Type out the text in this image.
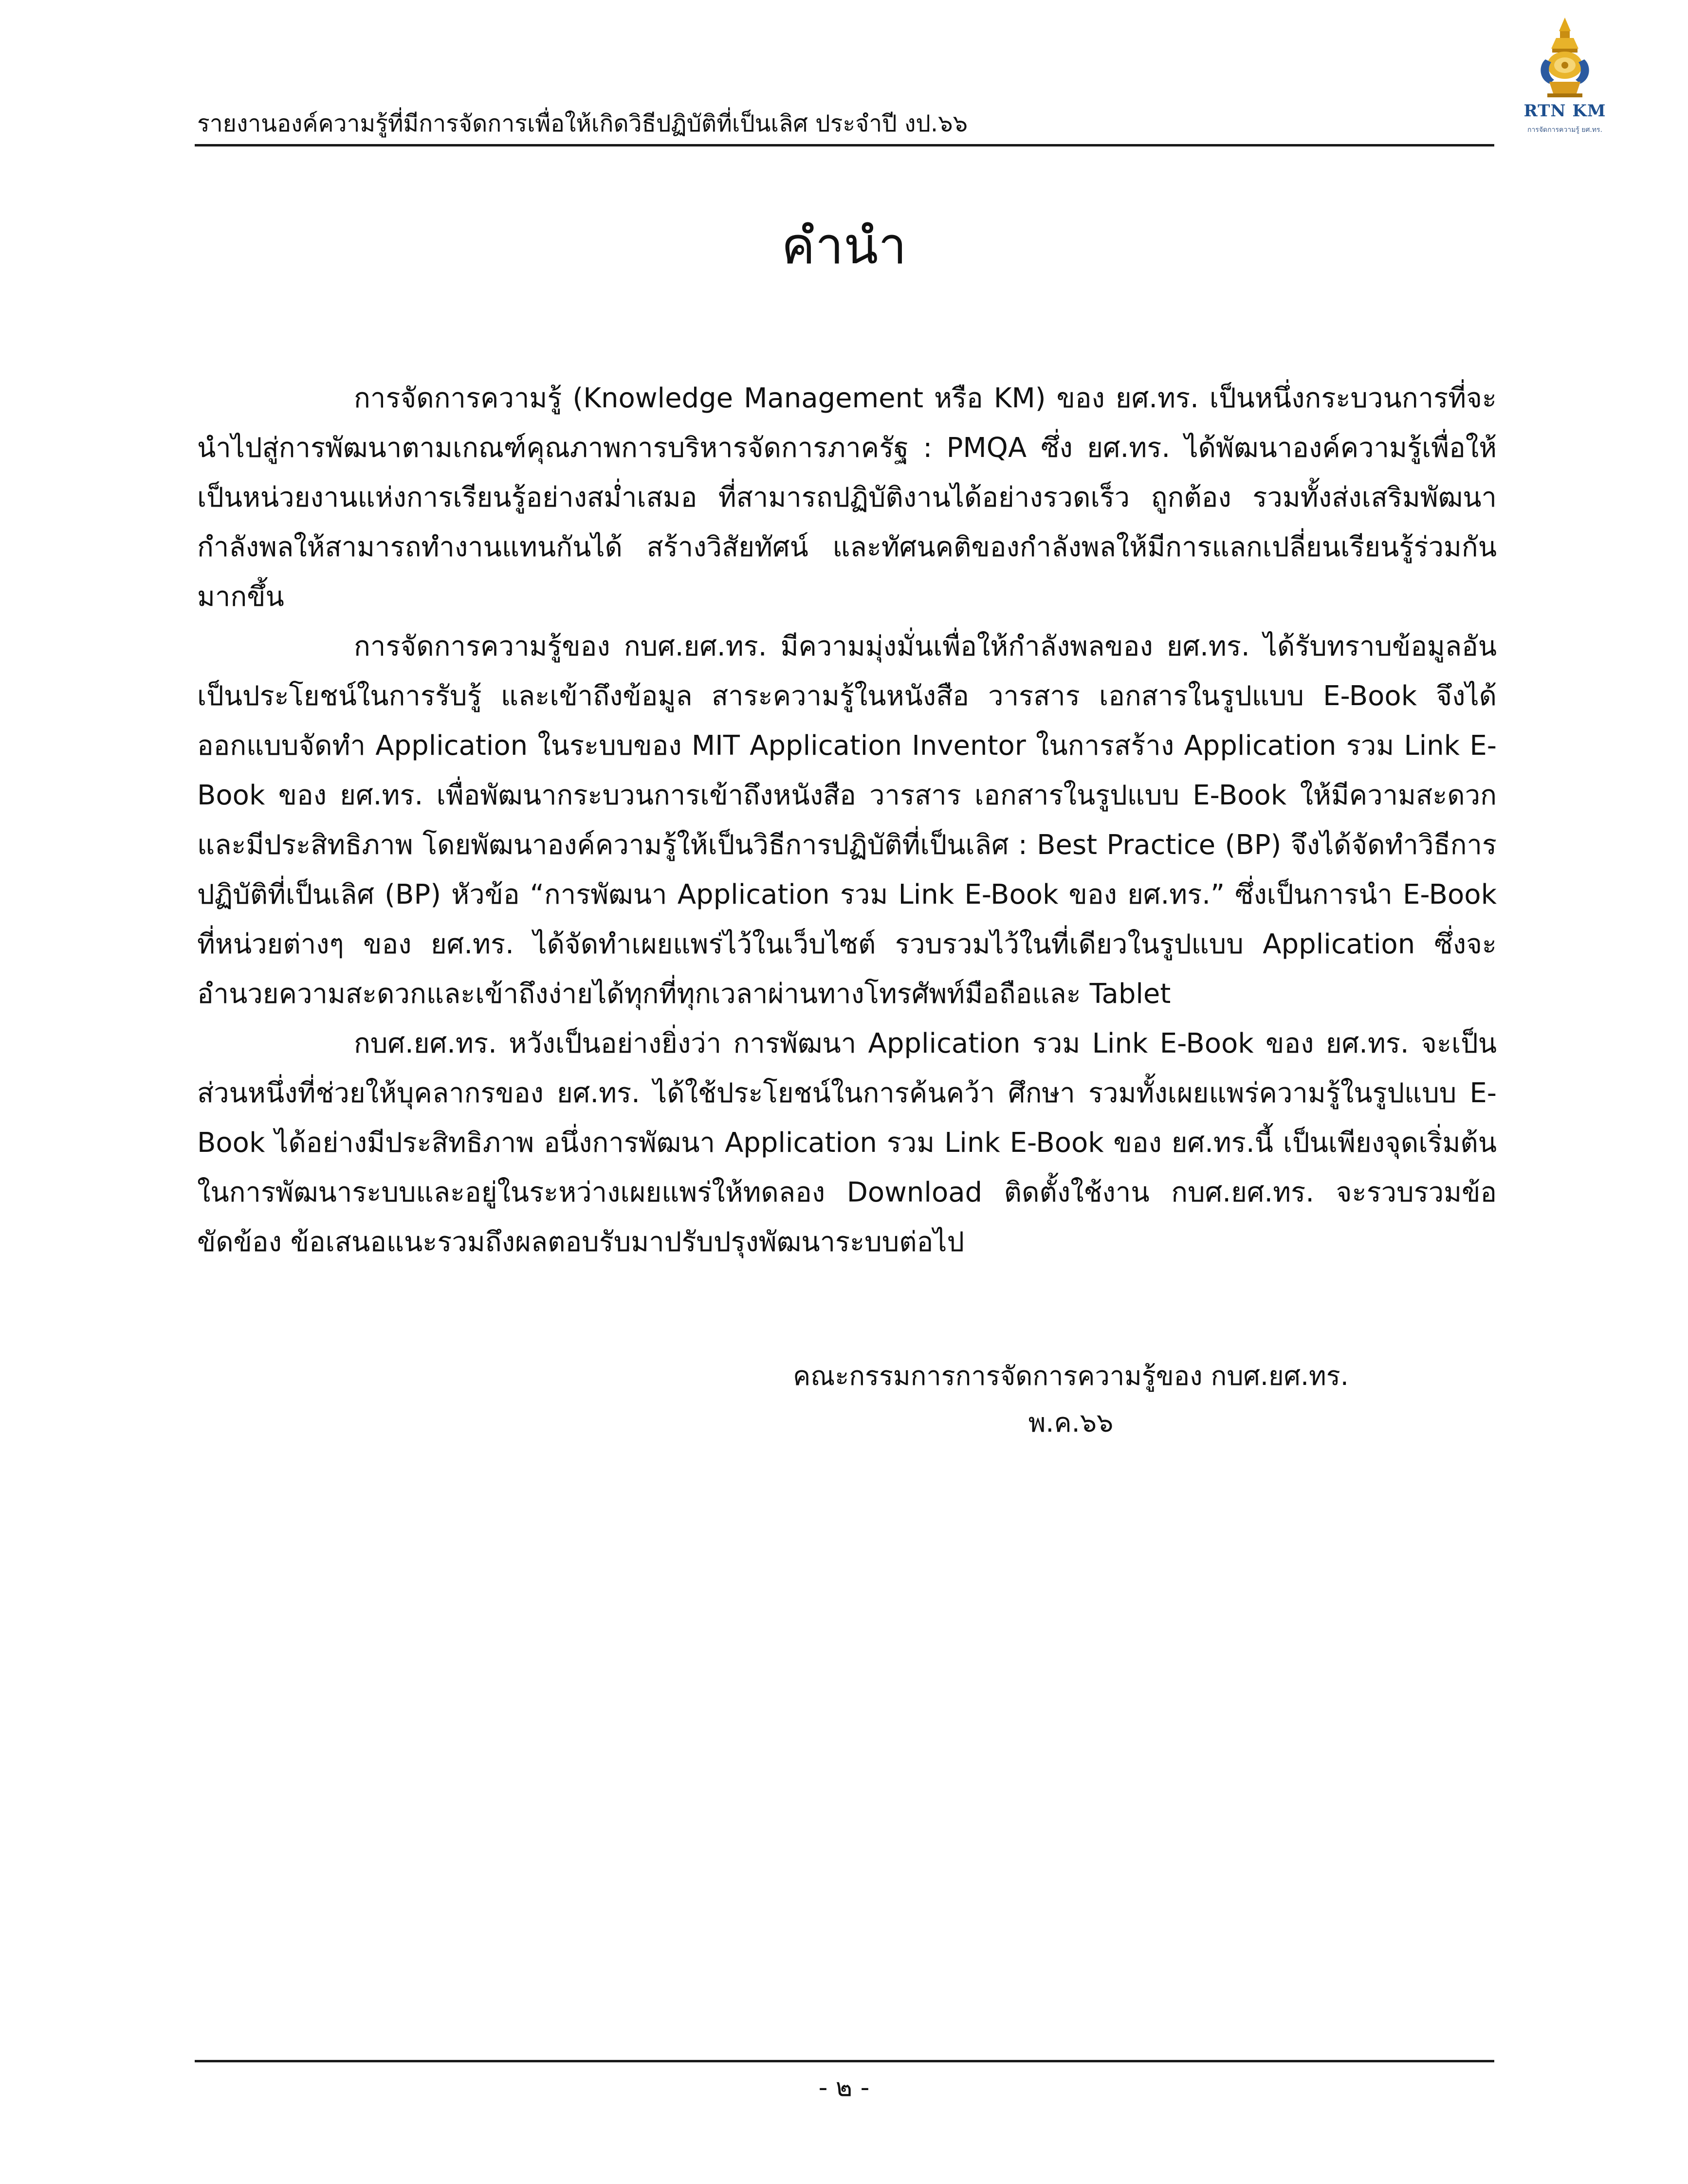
รายงานองค์ความรู้ที่มีการจัดการเพื่อให้เกิดวิธีปฏิบัติที่เป็นเลิศ ประจำปี งป.๖๖	RTN KM
การจัดการความรู้ ยศ.ทร.
คำนำ

การจัดการความรู้ (Knowledge Management หรือ KM) ของ ยศ.ทร. เป็นหนึ่งกระบวนการที่จะนำไปสู่การพัฒนาตามเกณฑ์คุณภาพการบริหารจัดการภาครัฐ : PMQA ซึ่ง ยศ.ทร. ได้พัฒนาองค์ความรู้เพื่อให้เป็นหน่วยงานแห่งการเรียนรู้อย่างสม่ำเสมอ ที่สามารถปฏิบัติงานได้อย่างรวดเร็ว ถูกต้อง รวมทั้งส่งเสริมพัฒนากำลังพลให้สามารถทำงานแทนกันได้ สร้างวิสัยทัศน์ และทัศนคติของกำลังพลให้มีการแลกเปลี่ยนเรียนรู้ร่วมกันมากขึ้น

การจัดการความรู้ของ กบศ.ยศ.ทร. มีความมุ่งมั่นเพื่อให้กำลังพลของ ยศ.ทร. ได้รับทราบข้อมูลอันเป็นประโยชน์ในการรับรู้ และเข้าถึงข้อมูล สาระความรู้ในหนังสือ วารสาร เอกสารในรูปแบบ E-Book จึงได้ออกแบบจัดทำ Application ในระบบของ MIT Application Inventor ในการสร้าง Application รวม Link E-Book ของ ยศ.ทร. เพื่อพัฒนากระบวนการเข้าถึงหนังสือ วารสาร เอกสารในรูปแบบ E-Book ให้มีความสะดวกและมีประสิทธิภาพ โดยพัฒนาองค์ความรู้ให้เป็นวิธีการปฏิบัติที่เป็นเลิศ : Best Practice (BP) จึงได้จัดทำวิธีการปฏิบัติที่เป็นเลิศ (BP) หัวข้อ “การพัฒนา Application รวม Link E-Book ของ ยศ.ทร.” ซึ่งเป็นการนำ E-Book ที่หน่วยต่างๆ ของ ยศ.ทร. ได้จัดทำเผยแพร่ไว้ในเว็บไซต์ รวบรวมไว้ในที่เดียวในรูปแบบ Application ซึ่งจะอำนวยความสะดวกและเข้าถึงง่ายได้ทุกที่ทุกเวลาผ่านทางโทรศัพท์มือถือและ Tablet

กบศ.ยศ.ทร. หวังเป็นอย่างยิ่งว่า การพัฒนา Application รวม Link E-Book ของ ยศ.ทร. จะเป็นส่วนหนึ่งที่ช่วยให้บุคลากรของ ยศ.ทร. ได้ใช้ประโยชน์ในการค้นคว้า ศึกษา รวมทั้งเผยแพร่ความรู้ในรูปแบบ E-Book ได้อย่างมีประสิทธิภาพ อนึ่งการพัฒนา Application รวม Link E-Book ของ ยศ.ทร.นี้ เป็นเพียงจุดเริ่มต้นในการพัฒนาระบบและอยู่ในระหว่างเผยแพร่ให้ทดลอง Download ติดตั้งใช้งาน กบศ.ยศ.ทร. จะรวบรวมข้อขัดข้อง ข้อเสนอแนะรวมถึงผลตอบรับมาปรับปรุงพัฒนาระบบต่อไป

คณะกรรมการการจัดการความรู้ของ กบศ.ยศ.ทร.
พ.ค.๖๖
- ๒ -
